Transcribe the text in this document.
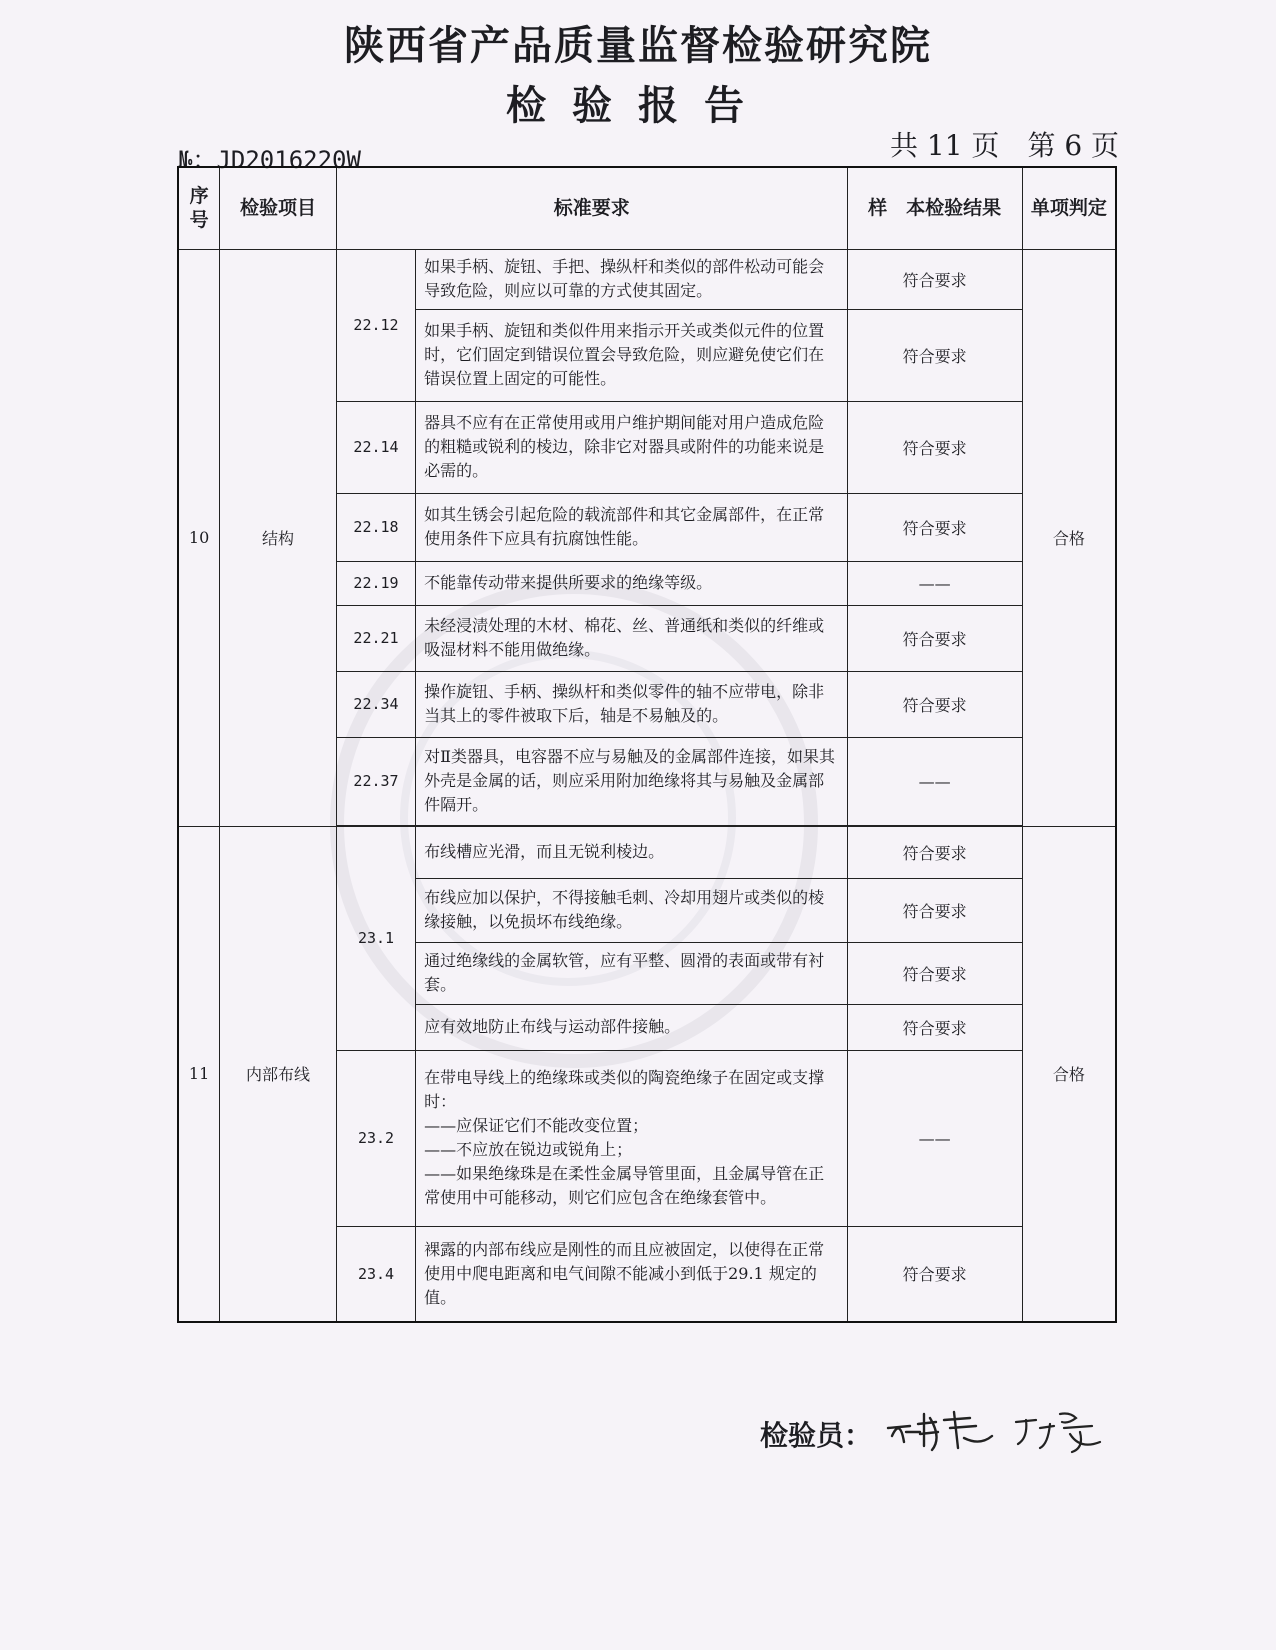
陕西省产品质量监督检验研究院
检验报告
№：JD2016220W	共 11 页 第 6 页
序号	检验项目	标准要求		样　本检验结果	单项判定
10	结构	22.12	如果手柄、旋钮、手把、操纵杆和类似的部件松动可能会导致危险，则应以可靠的方式使其固定。	符合要求	合格
			如果手柄、旋钮和类似件用来指示开关或类似元件的位置时，它们固定到错误位置会导致危险，则应避免使它们在错误位置上固定的可能性。	符合要求	
		22.14	器具不应有在正常使用或用户维护期间能对用户造成危险的粗糙或锐利的棱边，除非它对器具或附件的功能来说是必需的。	符合要求	
		22.18	如其生锈会引起危险的载流部件和其它金属部件，在正常使用条件下应具有抗腐蚀性能。	符合要求	
		22.19	不能靠传动带来提供所要求的绝缘等级。	——	
		22.21	未经浸渍处理的木材、棉花、丝、普通纸和类似的纤维或吸湿材料不能用做绝缘。	符合要求	
		22.34	操作旋钮、手柄、操纵杆和类似零件的轴不应带电，除非当其上的零件被取下后，轴是不易触及的。	符合要求	
		22.37	对Ⅱ类器具，电容器不应与易触及的金属部件连接，如果其外壳是金属的话，则应采用附加绝缘将其与易触及金属部件隔开。	——	

11	内部布线	23.1	布线槽应光滑，而且无锐利棱边。	符合要求	合格
			布线应加以保护，不得接触毛刺、冷却用翅片或类似的棱缘接触，以免损坏布线绝缘。	符合要求	
			通过绝缘线的金属软管，应有平整、圆滑的表面或带有衬套。	符合要求	
			应有效地防止布线与运动部件接触。	符合要求	
		23.2	在带电导线上的绝缘珠或类似的陶瓷绝缘子在固定或支撑时：
——应保证它们不能改变位置；
——不应放在锐边或锐角上；
——如果绝缘珠是在柔性金属导管里面，且金属导管在正常使用中可能移动，则它们应包含在绝缘套管中。	——	
		23.4	裸露的内部布线应是刚性的而且应被固定，以使得在正常使用中爬电距离和电气间隙不能减小到低于29.1 规定的值。	符合要求	
检验员：
